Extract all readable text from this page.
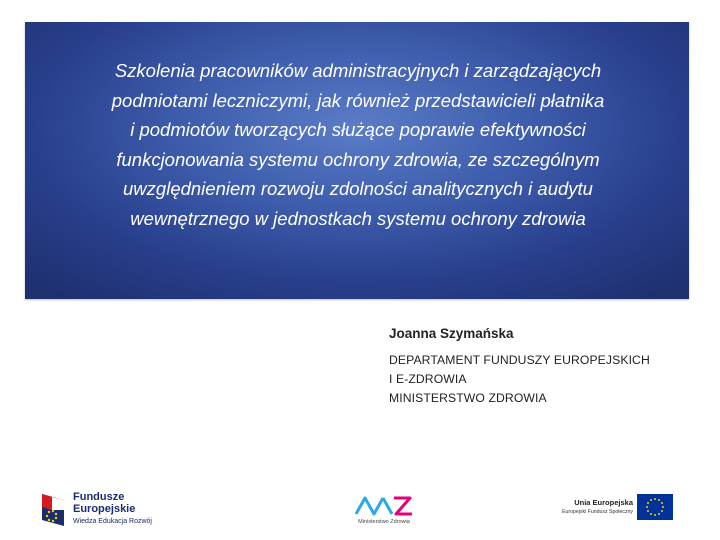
Szkolenia pracowników administracyjnych i zarządzających
podmiotami leczniczymi, jak również przedstawicieli płatnika
i podmiotów tworzących służące poprawie efektywności
funkcjonowania systemu ochrony zdrowia, ze szczególnym
uwzględnieniem rozwoju zdolności analitycznych i audytu
wewnętrznego w jednostkach systemu ochrony zdrowia

Joanna Szymańska

DEPARTAMENT FUNDUSZY EUROPEJSKICH

I E-ZDROWIA

MINISTERSTWO ZDROWIA

Fundusze

Europejskie

Wiedza Edukacja Rozwój	Ministerstwo Zdrowia

Unia Europejska

Europejski Fundusz Społeczny
